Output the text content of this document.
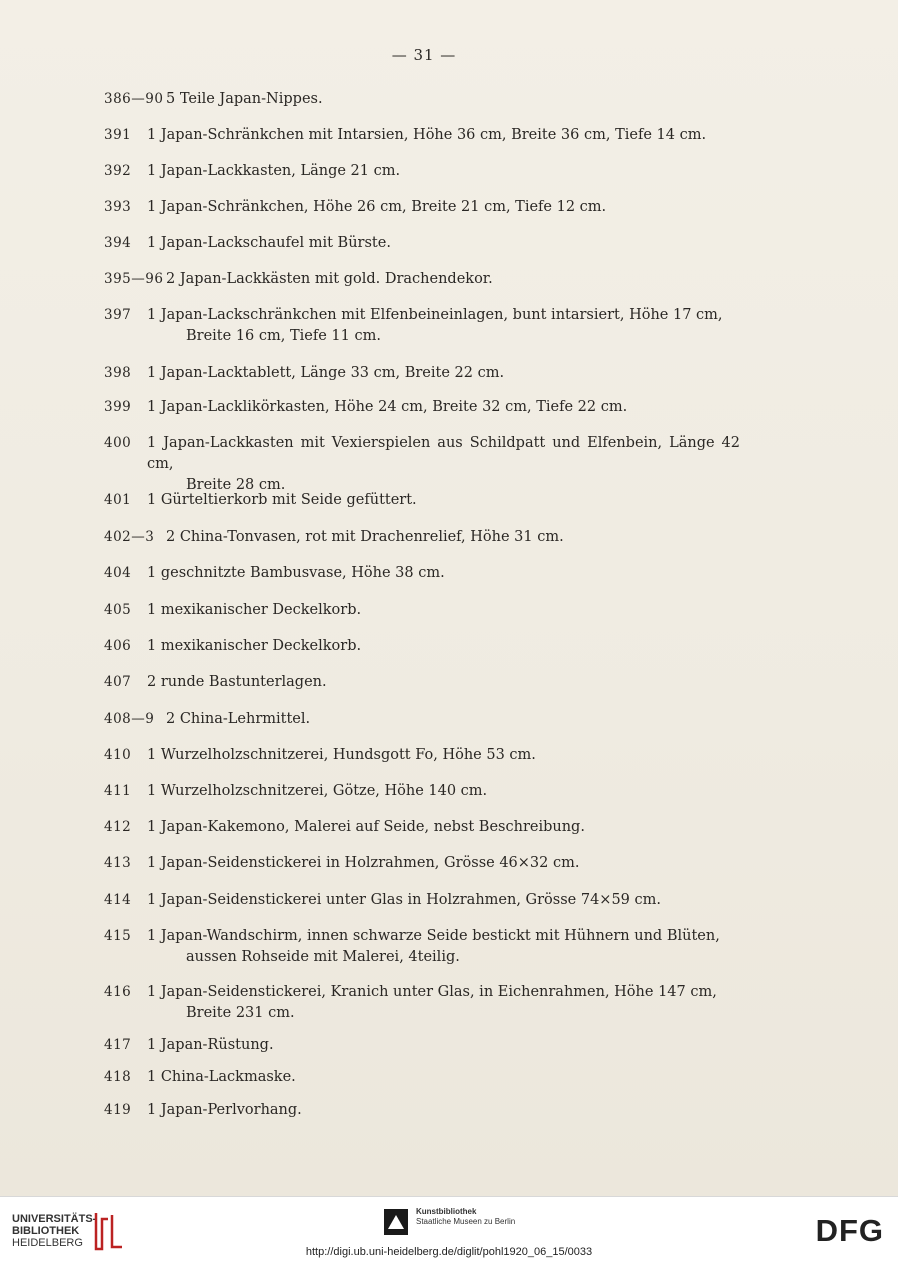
— 31 —
386—90 5 Teile Japan-Nippes.
391	1 Japan-Schränkchen mit Intarsien, Höhe 36 cm, Breite 36 cm, Tiefe 14 cm.
392	1 Japan-Lackkasten, Länge 21 cm.
393	1 Japan-Schränkchen, Höhe 26 cm, Breite 21 cm, Tiefe 12 cm.
394	1 Japan-Lackschaufel mit Bürste.
395—96 2 Japan-Lackkästen mit gold. Drachendekor.
397	1 Japan-Lackschränkchen mit Elfenbeineinlagen, bunt intarsiert, Höhe 17 cm,
Breite 16 cm, Tiefe 11 cm.
398	1 Japan-Lacktablett, Länge 33 cm, Breite 22 cm.
399	1 Japan-Lacklikörkasten, Höhe 24 cm, Breite 32 cm, Tiefe 22 cm.
400	1 Japan-Lackkasten mit Vexierspielen aus Schildpatt und Elfenbein, Länge 42 cm,
Breite 28 cm.
401	1 Gürteltierkorb mit Seide gefüttert.
402—3 2 China-Tonvasen, rot mit Drachenrelief, Höhe 31 cm.
404	1 geschnitzte Bambusvase, Höhe 38 cm.
405	1 mexikanischer Deckelkorb.
406	1 mexikanischer Deckelkorb.
407	2 runde Bastunterlagen.
408—9 2 China-Lehrmittel.
410	1 Wurzelholzschnitzerei, Hundsgott Fo, Höhe 53 cm.
411	1 Wurzelholzschnitzerei, Götze, Höhe 140 cm.
412	1 Japan-Kakemono, Malerei auf Seide, nebst Beschreibung.
413	1 Japan-Seidenstickerei in Holzrahmen, Grösse 46×32 cm.
414	1 Japan-Seidenstickerei unter Glas in Holzrahmen, Grösse 74×59 cm.
415	1 Japan-Wandschirm, innen schwarze Seide bestickt mit Hühnern und Blüten,
aussen Rohseide mit Malerei, 4teilig.
416	1 Japan-Seidenstickerei, Kranich unter Glas, in Eichenrahmen, Höhe 147 cm,
Breite 231 cm.
417	1 Japan-Rüstung.
418	1 China-Lackmaske.
419	1 Japan-Perlvorhang.
UNIVERSITÄTS-
BIBLIOTHEK
HEIDELBERG
Kunstbibliothek
Staatliche Museen zu Berlin	DFG
http://digi.ub.uni-heidelberg.de/diglit/pohl1920_06_15/0033
